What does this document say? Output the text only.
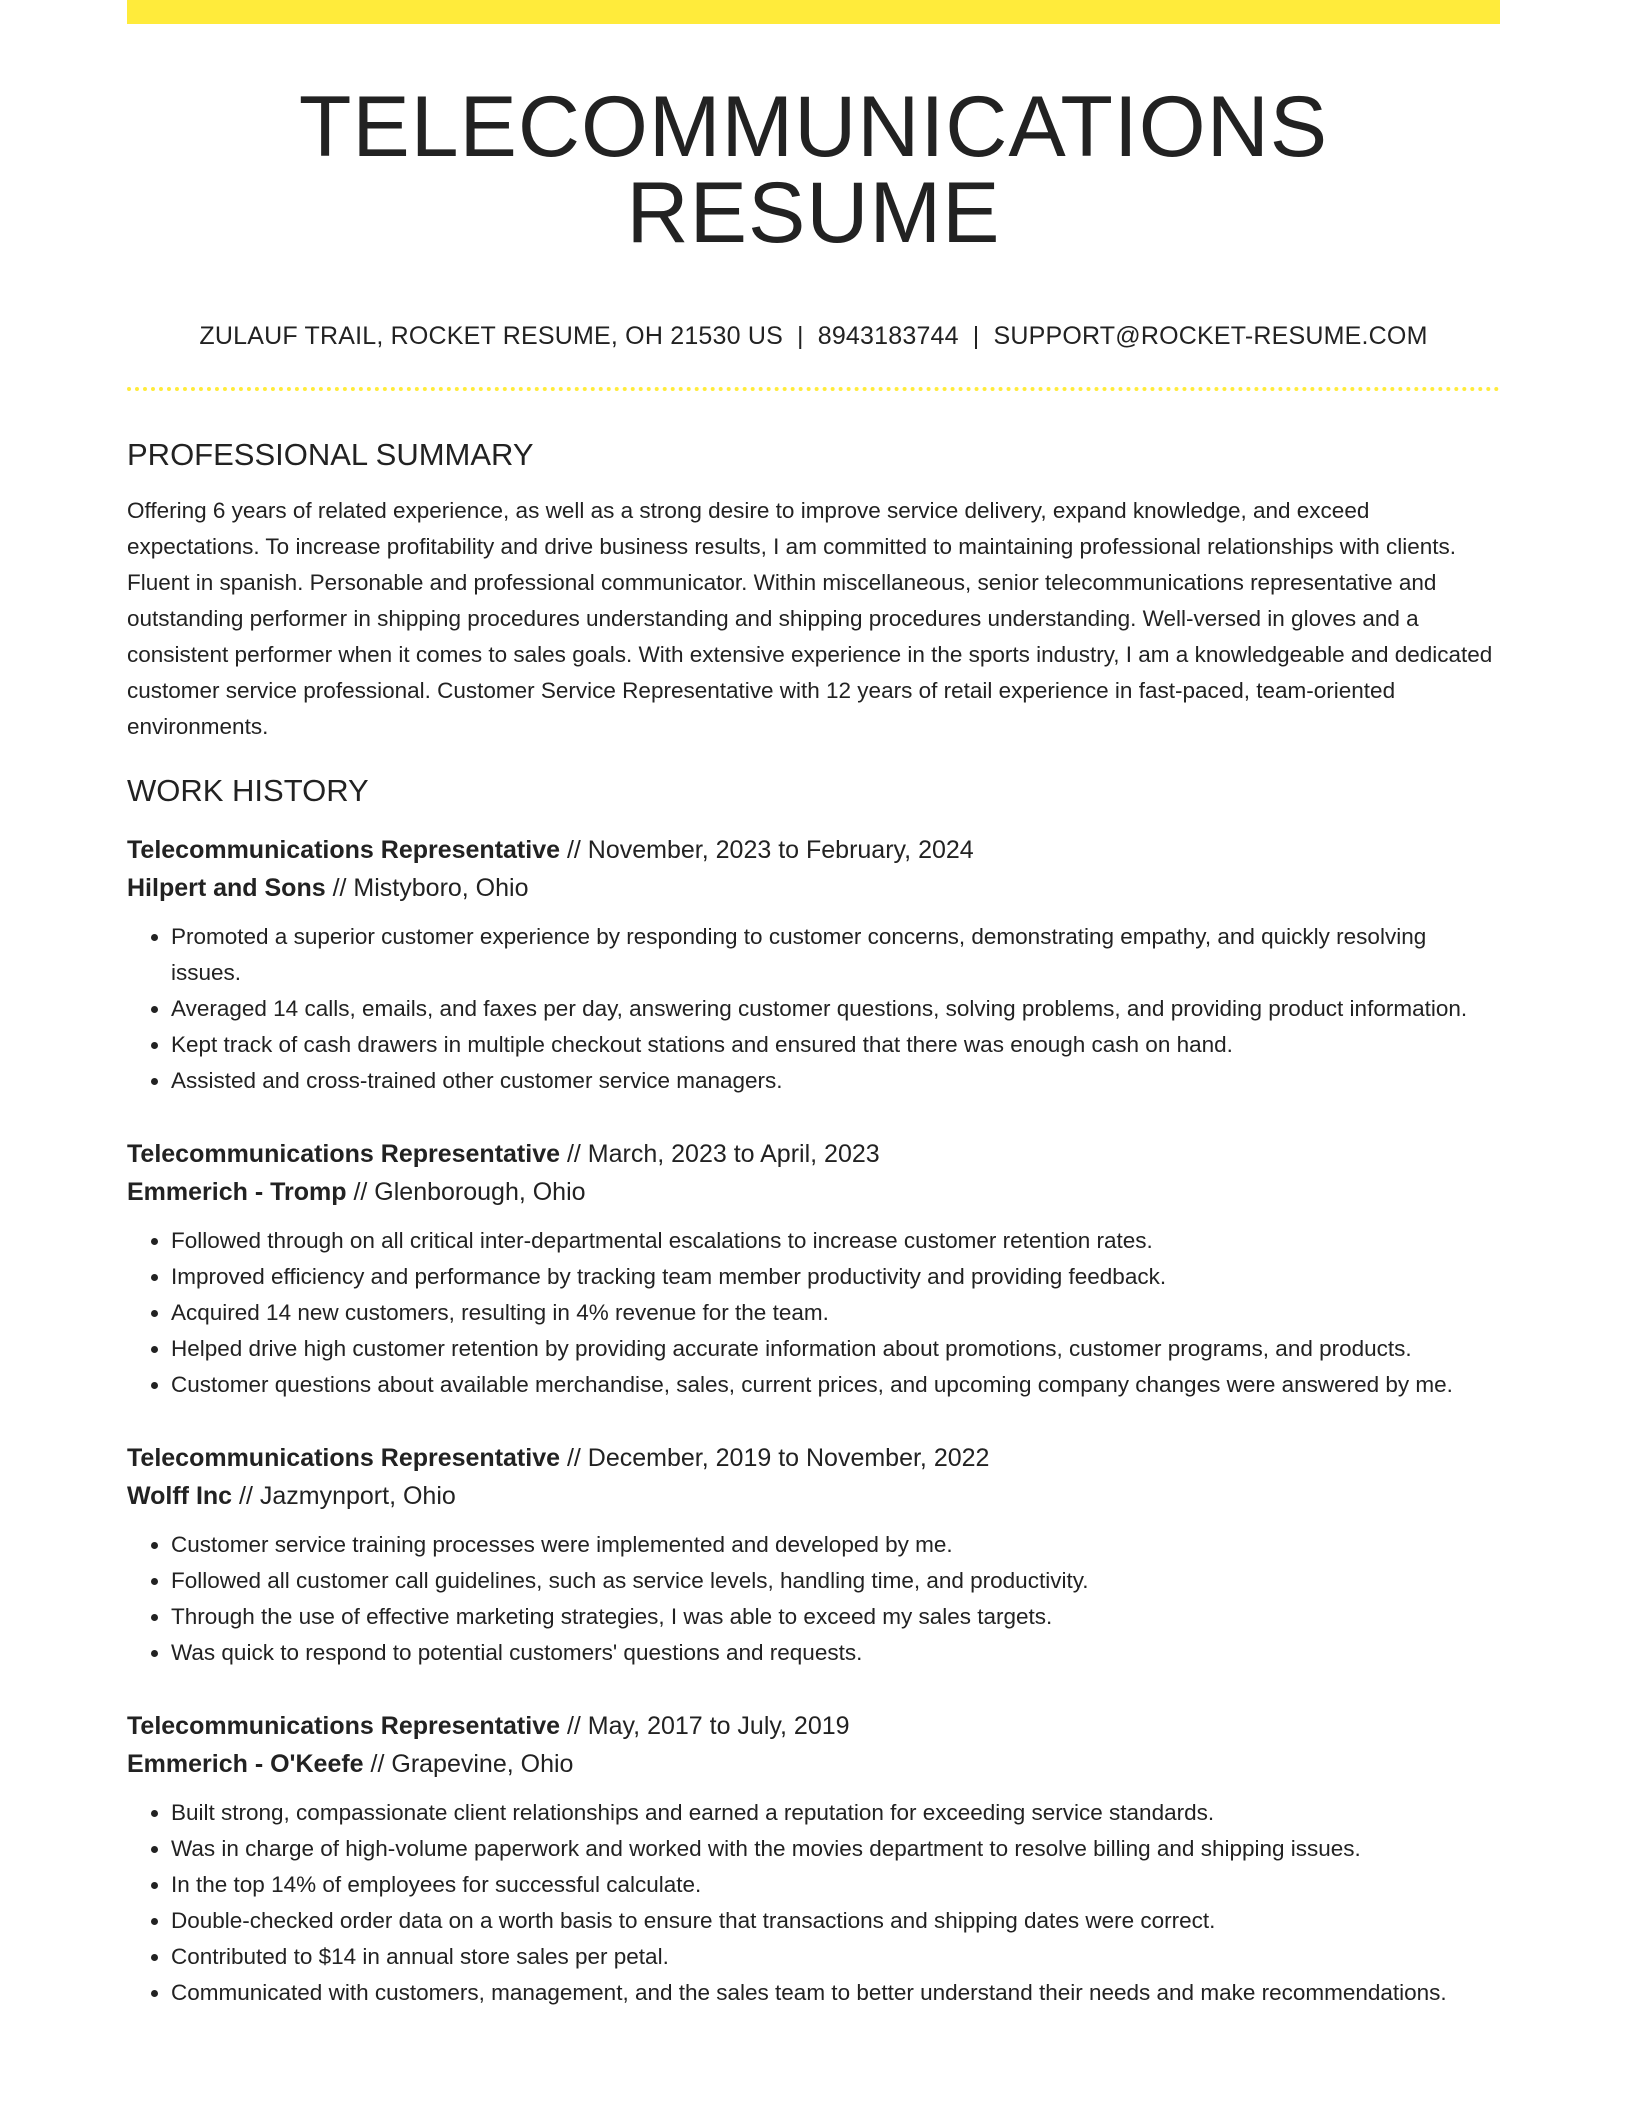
TELECOMMUNICATIONS RESUME
ZULAUF TRAIL, ROCKET RESUME, OH 21530 US | 8943183744 | SUPPORT@ROCKET-RESUME.COM
PROFESSIONAL SUMMARY
Offering 6 years of related experience, as well as a strong desire to improve service delivery, expand knowledge, and exceed expectations. To increase profitability and drive business results, I am committed to maintaining professional relationships with clients. Fluent in spanish. Personable and professional communicator. Within miscellaneous, senior telecommunications representative and outstanding performer in shipping procedures understanding and shipping procedures understanding. Well-versed in gloves and a consistent performer when it comes to sales goals. With extensive experience in the sports industry, I am a knowledgeable and dedicated customer service professional. Customer Service Representative with 12 years of retail experience in fast-paced, team-oriented environments.
WORK HISTORY
Telecommunications Representative // November, 2023 to February, 2024
Hilpert and Sons // Mistyboro, Ohio
• Promoted a superior customer experience by responding to customer concerns, demonstrating empathy, and quickly resolving issues.
• Averaged 14 calls, emails, and faxes per day, answering customer questions, solving problems, and providing product information.
• Kept track of cash drawers in multiple checkout stations and ensured that there was enough cash on hand.
• Assisted and cross-trained other customer service managers.
Telecommunications Representative // March, 2023 to April, 2023
Emmerich - Tromp // Glenborough, Ohio
• Followed through on all critical inter-departmental escalations to increase customer retention rates.
• Improved efficiency and performance by tracking team member productivity and providing feedback.
• Acquired 14 new customers, resulting in 4% revenue for the team.
• Helped drive high customer retention by providing accurate information about promotions, customer programs, and products.
• Customer questions about available merchandise, sales, current prices, and upcoming company changes were answered by me.
Telecommunications Representative // December, 2019 to November, 2022
Wolff Inc // Jazmynport, Ohio
• Customer service training processes were implemented and developed by me.
• Followed all customer call guidelines, such as service levels, handling time, and productivity.
• Through the use of effective marketing strategies, I was able to exceed my sales targets.
• Was quick to respond to potential customers' questions and requests.
Telecommunications Representative // May, 2017 to July, 2019
Emmerich - O'Keefe // Grapevine, Ohio
• Built strong, compassionate client relationships and earned a reputation for exceeding service standards.
• Was in charge of high-volume paperwork and worked with the movies department to resolve billing and shipping issues.
• In the top 14% of employees for successful calculate.
• Double-checked order data on a worth basis to ensure that transactions and shipping dates were correct.
• Contributed to $14 in annual store sales per petal.
• Communicated with customers, management, and the sales team to better understand their needs and make recommendations.
